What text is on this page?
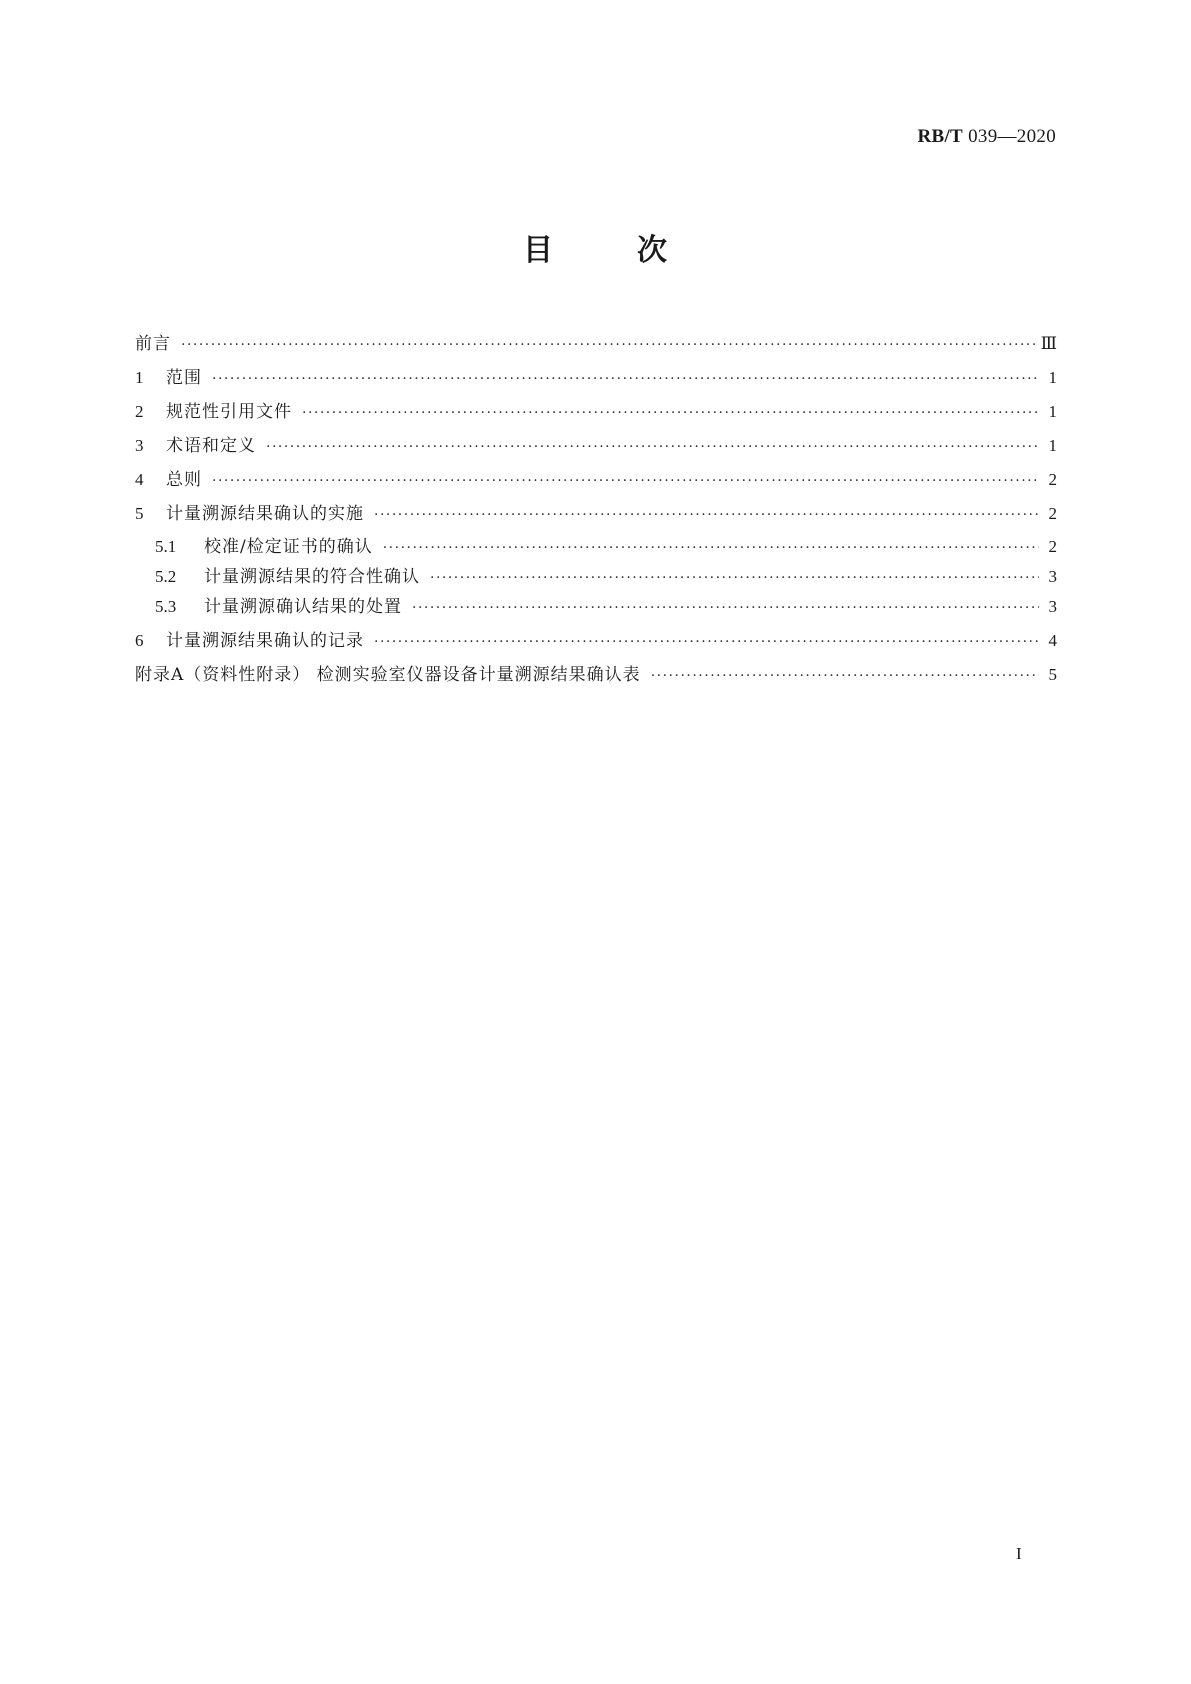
RB/T 039—2020
目	次
前言 ·····	Ⅲ
1	范围 ·····	1
2	规范性引用文件 ·····	1
3	术语和定义 ·····	1
4	总则 ·····	2
5	计量溯源结果确认的实施 ·····	2
5.1	校准/检定证书的确认 ·····	2
5.2	计量溯源结果的符合性确认 ·····	3
5.3	计量溯源确认结果的处置 ·····	3
6	计量溯源结果确认的记录 ·····	4
附录A（资料性附录） 检测实验室仪器设备计量溯源结果确认表 ·····	5
I
